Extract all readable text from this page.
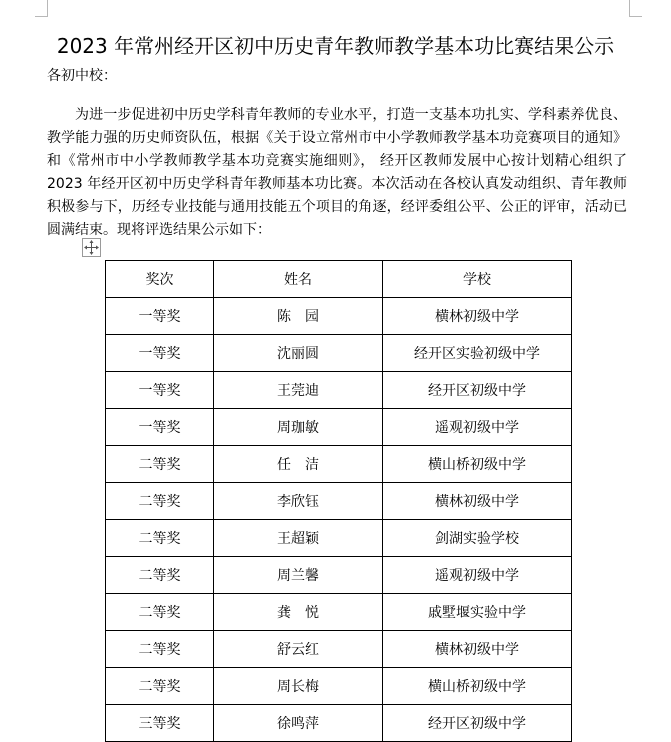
2023 年常州经开区初中历史青年教师教学基本功比赛结果公示
各初中校：
为进一步促进初中历史学科青年教师的专业水平，打造一支基本功扎实、学科素养优良、教学能力强的历史师资队伍，根据《关于设立常州市中小学教师教学基本功竞赛项目的通知》和《常州市中小学教师教学基本功竞赛实施细则》， 经开区教师发展中心按计划精心组织了 2023 年经开区初中历史学科青年教师基本功比赛。本次活动在各校认真发动组织、青年教师积极参与下，历经专业技能与通用技能五个项目的角逐，经评委组公平、公正的评审，活动已圆满结束。现将评选结果公示如下：
奖次	姓名	学校
一等奖	陈　园	横林初级中学
一等奖	沈丽圆	经开区实验初级中学
一等奖	王莞迪	经开区初级中学
一等奖	周珈敏	遥观初级中学
二等奖	任　洁	横山桥初级中学
二等奖	李欣钰	横林初级中学
二等奖	王超颖	剑湖实验学校
二等奖	周兰馨	遥观初级中学
二等奖	龚　悦	戚墅堰实验中学
二等奖	舒云红	横林初级中学
二等奖	周长梅	横山桥初级中学
三等奖	徐鸣萍	经开区初级中学
